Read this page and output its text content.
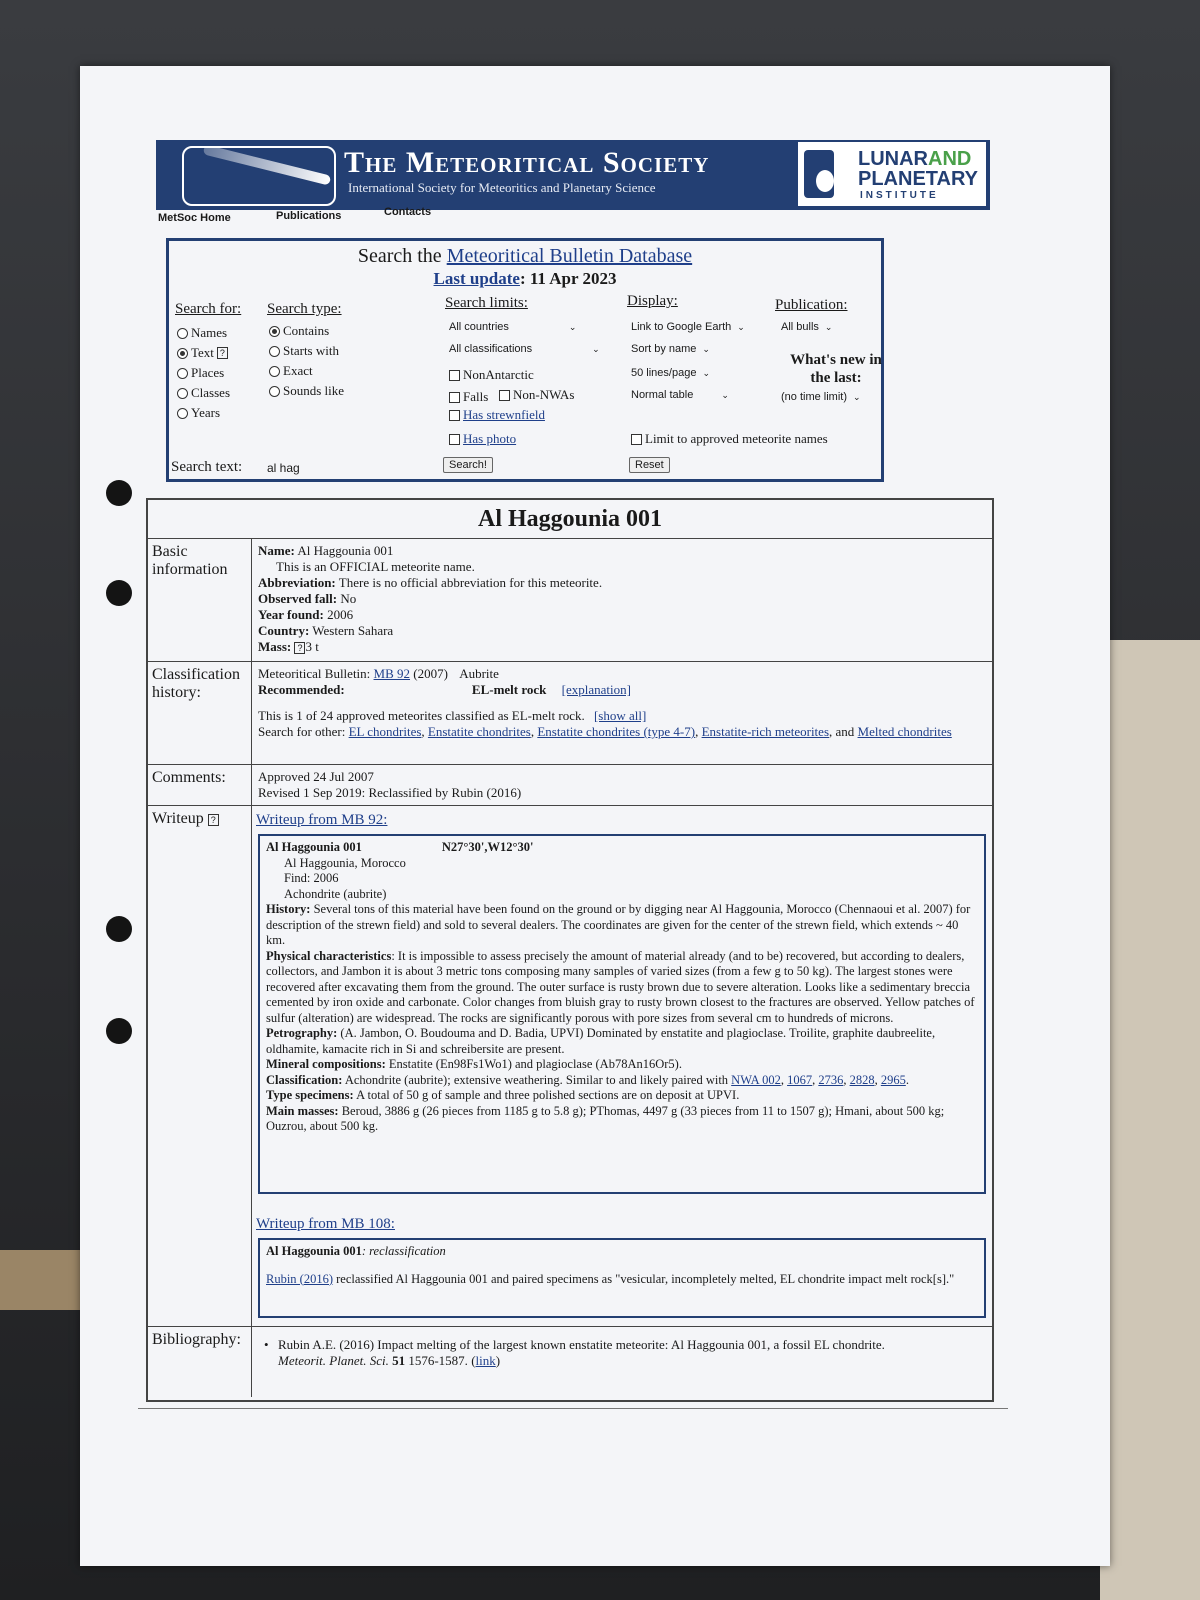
The Meteoritical Society
International Society for Meteoritics and Planetary Science
LUNARAND
PLANETARY
INSTITUTE
MetSoc Home	Publications	Contacts
Search the Meteoritical Bulletin Database
Last update: 11 Apr 2023
Search for:
Names
Text ?
Places
Classes
Years
Search type:
Contains
Starts with
Exact
Sounds like
Search limits:
All countries	⌄
All classifications	⌄
NonAntarctic
Falls Non-NWAs
Has strewnfield
Has photo
Display:
Link to Google Earth ⌄
Sort by name ⌄
50 lines/page ⌄
Normal table	⌄
Limit to approved meteorite names
Publication:
All bulls ⌄
What's new in the last:
(no time limit) ⌄
Search text: al hag	Search!	Reset
Al Haggounia 001
Basic information
Name: Al Haggounia 001
This is an OFFICIAL meteorite name.
Abbreviation: There is no official abbreviation for this meteorite.
Observed fall: No
Year found: 2006
Country: Western Sahara
Mass: ? 3 t
Classification history:
Meteoritical Bulletin: MB 92 (2007) Aubrite
Recommended:	EL-melt rock [explanation]
This is 1 of 24 approved meteorites classified as EL-melt rock. [show all]
Search for other: EL chondrites, Enstatite chondrites, Enstatite chondrites (type 4-7), Enstatite-rich meteorites, and Melted chondrites
Comments:	Approved 24 Jul 2007
Revised 1 Sep 2019: Reclassified by Rubin (2016)
Writeup ?	Writeup from MB 92:
Al Haggounia 001	N27°30',W12°30'
Al Haggounia, Morocco
Find: 2006
Achondrite (aubrite)
History: Several tons of this material have been found on the ground or by digging near Al Haggounia, Morocco (Chennaoui et al. 2007) for description of the strewn field) and sold to several dealers. The coordinates are given for the center of the strewn field, which extends ~ 40 km.
Physical characteristics: It is impossible to assess precisely the amount of material already (and to be) recovered, but according to dealers, collectors, and Jambon it is about 3 metric tons composing many samples of varied sizes (from a few g to 50 kg). The largest stones were recovered after excavating them from the ground. The outer surface is rusty brown due to severe alteration. Looks like a sedimentary breccia cemented by iron oxide and carbonate. Color changes from bluish gray to rusty brown closest to the fractures are observed. Yellow patches of sulfur (alteration) are widespread. The rocks are significantly porous with pore sizes from several cm to hundreds of microns.
Petrography: (A. Jambon, O. Boudouma and D. Badia, UPVI) Dominated by enstatite and plagioclase. Troilite, graphite daubreelite, oldhamite, kamacite rich in Si and schreibersite are present.
Mineral compositions: Enstatite (En98Fs1Wo1) and plagioclase (Ab78An16Or5).
Classification: Achondrite (aubrite); extensive weathering. Similar to and likely paired with NWA 002, 1067, 2736, 2828, 2965.
Type specimens: A total of 50 g of sample and three polished sections are on deposit at UPVI.
Main masses: Beroud, 3886 g (26 pieces from 1185 g to 5.8 g); PThomas, 4497 g (33 pieces from 11 to 1507 g); Hmani, about 500 kg; Ouzrou, about 500 kg.
Writeup from MB 108:
Al Haggounia 001: reclassification
Rubin (2016) reclassified Al Haggounia 001 and paired specimens as "vesicular, incompletely melted, EL chondrite impact melt rock[s]."
Bibliography:
•	Rubin A.E. (2016) Impact melting of the largest known enstatite meteorite: Al Haggounia 001, a fossil EL chondrite.
Meteorit. Planet. Sci. 51 1576-1587. (link)
